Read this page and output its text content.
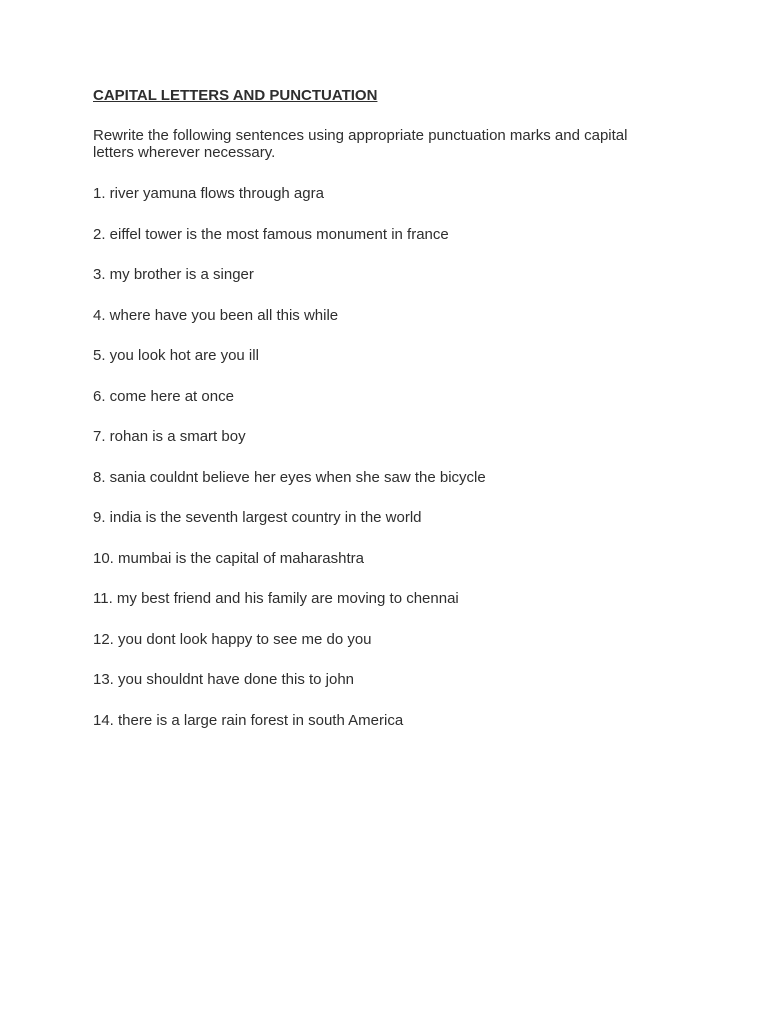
CAPITAL LETTERS AND PUNCTUATION
Rewrite the following sentences using appropriate punctuation marks and capital letters wherever necessary.
1. river yamuna flows through agra
2. eiffel tower is the most famous monument in france
3. my brother is a singer
4. where have you been all this while
5. you look hot are you ill
6. come here at once
7. rohan is a smart boy
8. sania couldnt believe her eyes when she saw the bicycle
9. india is the seventh largest country in the world
10. mumbai is the capital of maharashtra
11. my best friend and his family are moving to chennai
12. you dont look happy to see me do you
13. you shouldnt have done this to john
14. there is a large rain forest in south America
